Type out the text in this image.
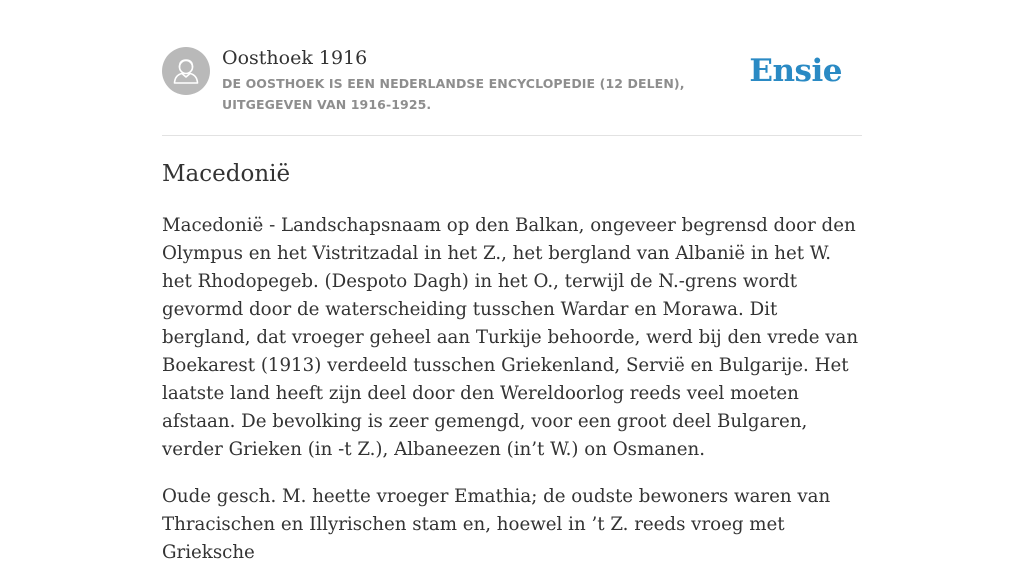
Oosthoek 1916
DE OOSTHOEK IS EEN NEDERLANDSE ENCYCLOPEDIE (12 DELEN), UITGEGEVEN VAN 1916-1925.
Ensie
Macedonië

Macedonië - Landschapsnaam op den Balkan, ongeveer begrensd door den Olympus en het Vistritzadal in het Z., het bergland van Albanië in het W. het Rhodopegeb. (Despoto Dagh) in het O., terwijl de N.-grens wordt gevormd door de waterscheiding tusschen Wardar en Morawa. Dit bergland, dat vroeger geheel aan Turkije behoorde, werd bij den vrede van Boekarest (1913) verdeeld tusschen Griekenland, Servië en Bulgarije. Het laatste land heeft zijn deel door den Wereldoorlog reeds veel moeten afstaan. De bevolking is zeer gemengd, voor een groot deel Bulgaren, verder Grieken (in -t Z.), Albaneezen (in’t W.) on Osmanen.

Oude gesch. M. heette vroeger Emathia; de oudste bewoners waren van Thracischen en Illyrischen stam en, hoewel in ’t Z. reeds vroeg met Grieksche
